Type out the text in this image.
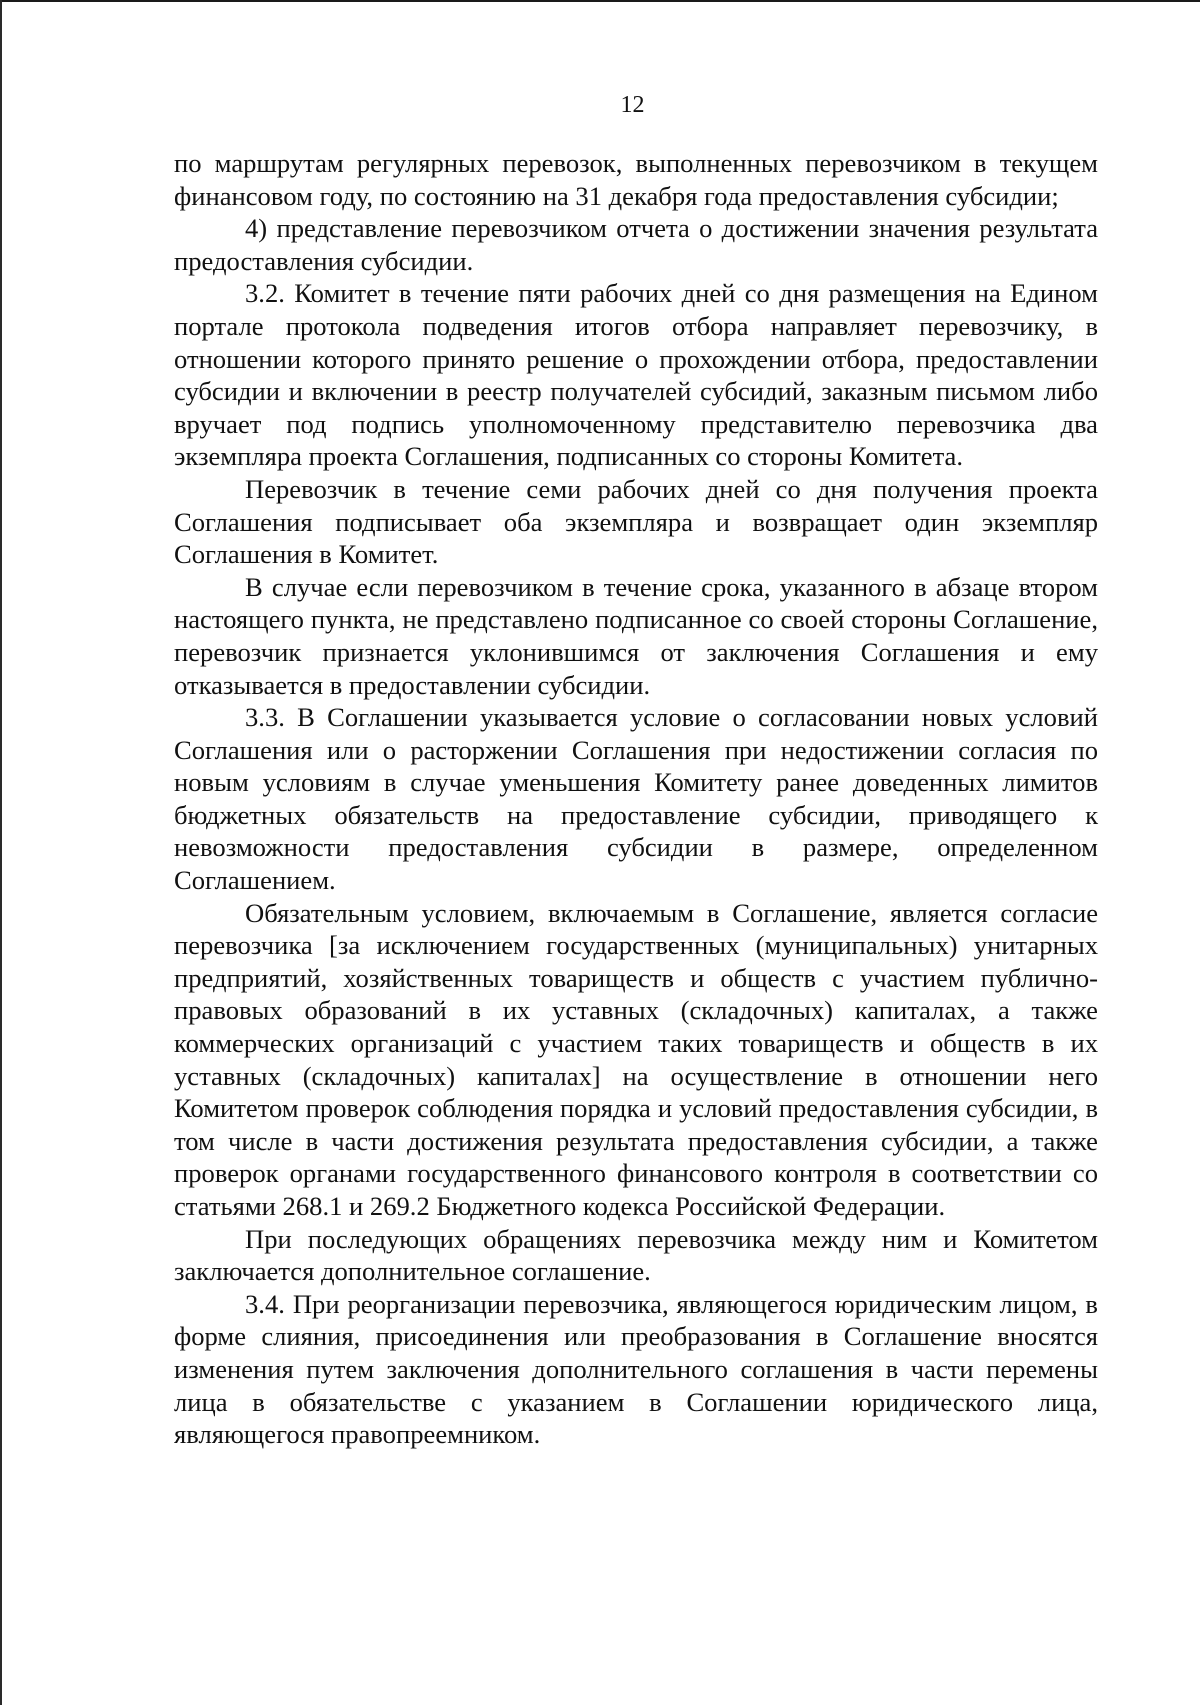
12

по маршрутам регулярных перевозок, выполненных перевозчиком в текущем финансовом году, по состоянию на 31 декабря года предоставления субсидии;

4) представление перевозчиком отчета о достижении значения результата предоставления субсидии.

3.2. Комитет в течение пяти рабочих дней со дня размещения на Едином портале протокола подведения итогов отбора направляет перевозчику, в отношении которого принято решение о прохождении отбора, предоставлении субсидии и включении в реестр получателей субсидий, заказным письмом либо вручает под подпись уполномоченному представителю перевозчика два экземпляра проекта Соглашения, подписанных со стороны Комитета.

Перевозчик в течение семи рабочих дней со дня получения проекта Соглашения подписывает оба экземпляра и возвращает один экземпляр Соглашения в Комитет.

В случае если перевозчиком в течение срока, указанного в абзаце втором настоящего пункта, не представлено подписанное со своей стороны Соглашение, перевозчик признается уклонившимся от заключения Соглашения и ему отказывается в предоставлении субсидии.

3.3. В Соглашении указывается условие о согласовании новых условий Соглашения или о расторжении Соглашения при недостижении согласия по новым условиям в случае уменьшения Комитету ранее доведенных лимитов бюджетных обязательств на предоставление субсидии, приводящего к невозможности предоставления субсидии в размере, определенном Соглашением.

Обязательным условием, включаемым в Соглашение, является согласие перевозчика [за исключением государственных (муниципальных) унитарных предприятий, хозяйственных товариществ и обществ с участием публично-правовых образований в их уставных (складочных) капиталах, а также коммерческих организаций с участием таких товариществ и обществ в их уставных (складочных) капиталах] на осуществление в отношении него Комитетом проверок соблюдения порядка и условий предоставления субсидии, в том числе в части достижения результата предоставления субсидии, а также проверок органами государственного финансового контроля в соответствии со статьями 268.1 и 269.2 Бюджетного кодекса Российской Федерации.

При последующих обращениях перевозчика между ним и Комитетом заключается дополнительное соглашение.

3.4. При реорганизации перевозчика, являющегося юридическим лицом, в форме слияния, присоединения или преобразования в Соглашение вносятся изменения путем заключения дополнительного соглашения в части перемены лица в обязательстве с указанием в Соглашении юридического лица, являющегося правопреемником.
